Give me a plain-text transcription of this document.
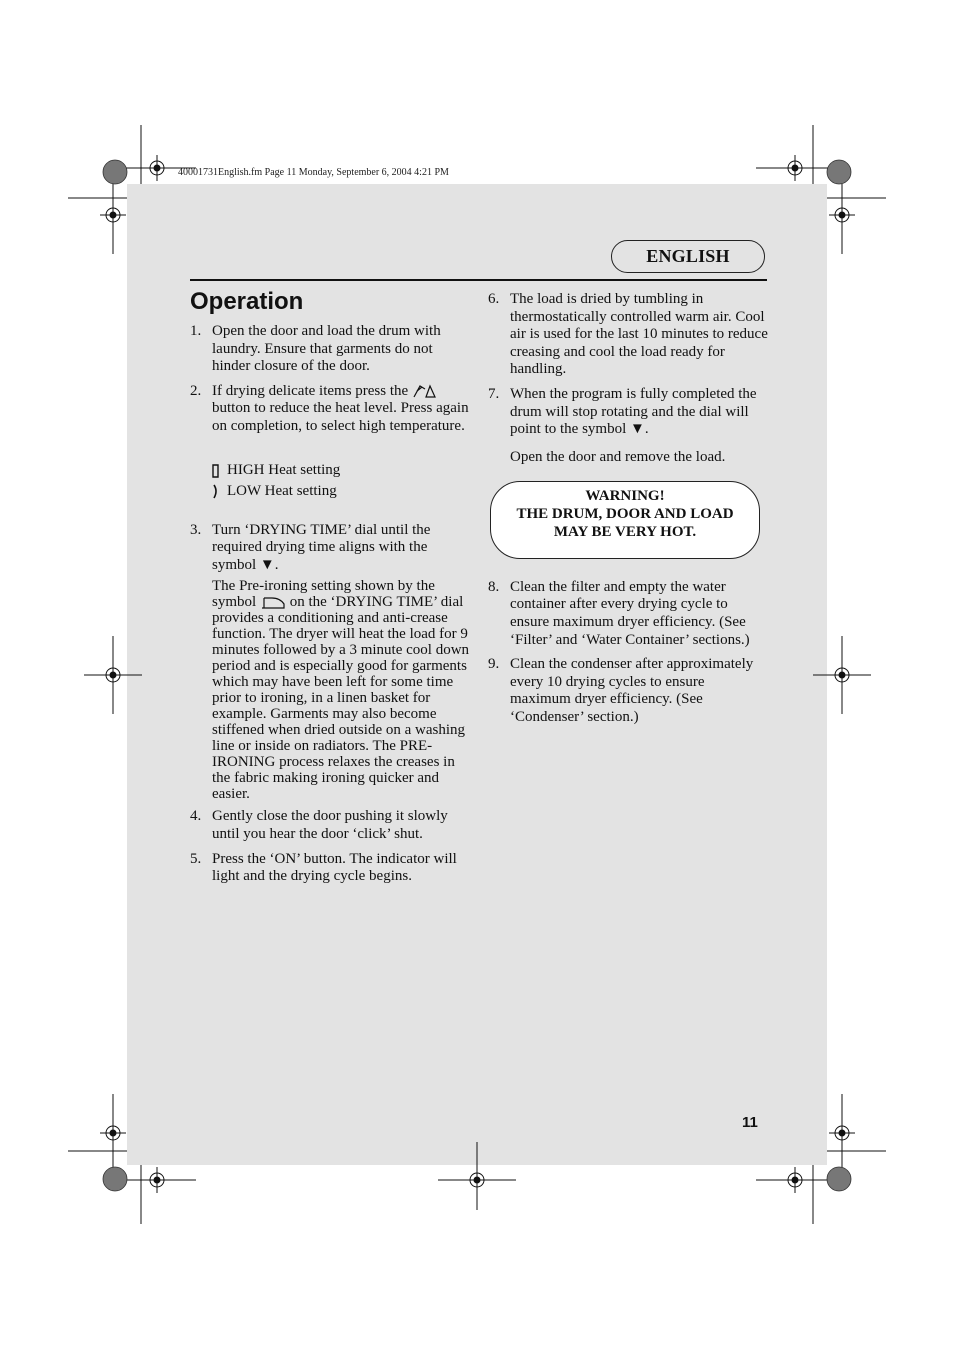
40001731English.fm Page 11 Monday, September 6, 2004 4:21 PM
ENGLISH
Operation
1. Open the door and load the drum with laundry. Ensure that garments do not hinder closure of the door.
2. If drying delicate items press the  button to reduce the heat level. Press again on completion, to select high temperature.
HIGH Heat setting
LOW Heat setting
3. Turn ‘DRYING TIME’ dial until the required drying time aligns with the symbol ▼.

The Pre-ironing setting shown by the symbol on the ‘DRYING TIME’ dial provides a conditioning and anti-crease function. The dryer will heat the load for 9 minutes followed by a 3 minute cool down period and is especially good for garments which may have been left for some time prior to ironing, in a linen basket for example. Garments may also become stiffened when dried outside on a washing line or inside on radiators. The PRE-IRONING process relaxes the creases in the fabric making ironing quicker and easier.

4. Gently close the door pushing it slowly until you hear the door ‘click’ shut.
5. Press the ‘ON’ button. The indicator will light and the drying cycle begins.
6. The load is dried by tumbling in thermostatically controlled warm air. Cool air is used for the last 10 minutes to reduce creasing and cool the load ready for handling.
7. When the program is fully completed the drum will stop rotating and the dial will point to the symbol ▼.

Open the door and remove the load.

WARNING!
THE DRUM, DOOR AND LOAD
MAY BE VERY HOT.
8. Clean the filter and empty the water container after every drying cycle to ensure maximum dryer efficiency. (See ‘Filter’ and ‘Water Container’ sections.)
9. Clean the condenser after approximately every 10 drying cycles to ensure maximum dryer efficiency. (See ‘Condenser’ section.)
11
